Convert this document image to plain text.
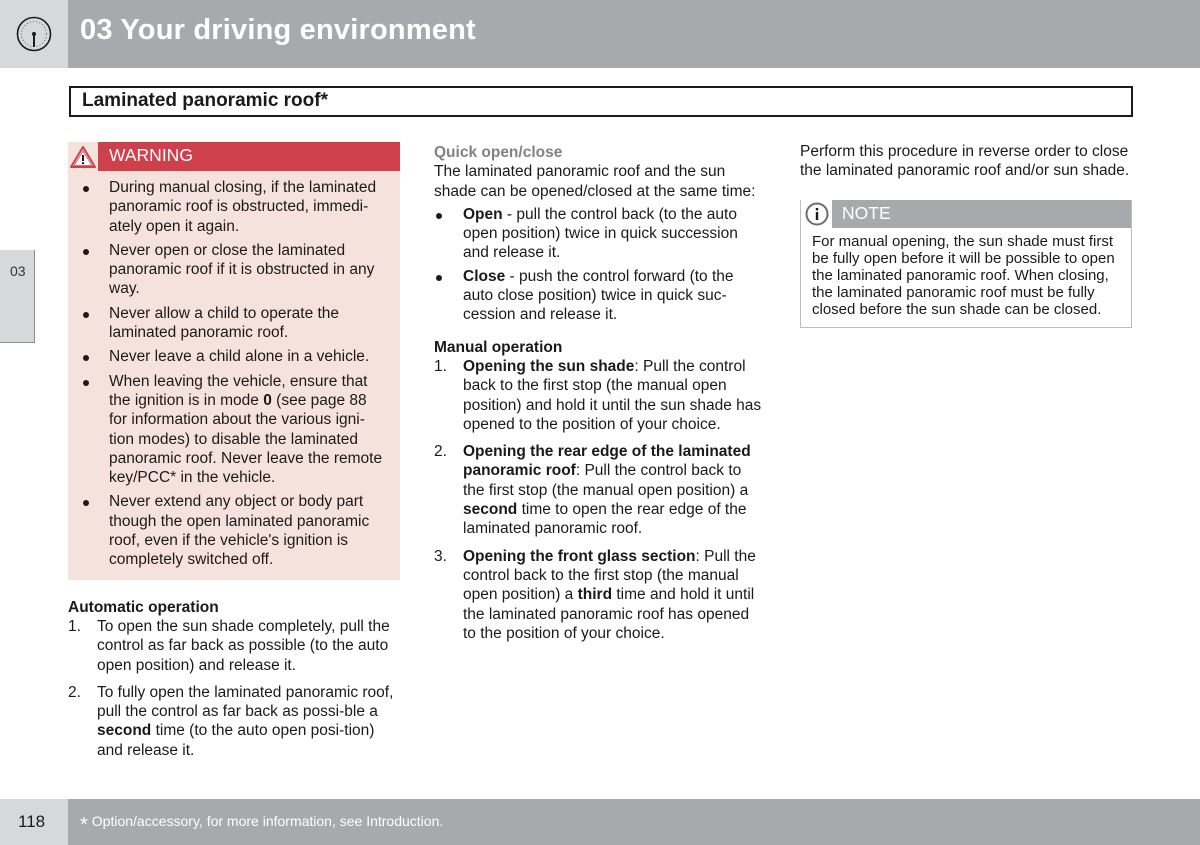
03 Your driving environment
Laminated panoramic roof*
03
WARNING
During manual closing, if the laminated panoramic roof is obstructed, immedi-ately open it again.
Never open or close the laminated panoramic roof if it is obstructed in any way.
Never allow a child to operate the laminated panoramic roof.
Never leave a child alone in a vehicle.
When leaving the vehicle, ensure that the ignition is in mode 0 (see page 88 for information about the various igni-tion modes) to disable the laminated panoramic roof. Never leave the remote key/PCC* in the vehicle.
Never extend any object or body part though the open laminated panoramic roof, even if the vehicle's ignition is completely switched off.
Automatic operation
1. To open the sun shade completely, pull the control as far back as possible (to the auto open position) and release it.
2. To fully open the laminated panoramic roof, pull the control as far back as possi-ble a second time (to the auto open posi-tion) and release it.
Quick open/close
The laminated panoramic roof and the sun shade can be opened/closed at the same time:
Open - pull the control back (to the auto open position) twice in quick succession and release it.
Close - push the control forward (to the auto close position) twice in quick suc-cession and release it.
Manual operation
1. Opening the sun shade: Pull the control back to the first stop (the manual open position) and hold it until the sun shade has opened to the position of your choice.
2. Opening the rear edge of the laminated panoramic roof: Pull the control back to the first stop (the manual open position) a second time to open the rear edge of the laminated panoramic roof.
3. Opening the front glass section: Pull the control back to the first stop (the manual open position) a third time and hold it until the laminated panoramic roof has opened to the position of your choice.
Perform this procedure in reverse order to close the laminated panoramic roof and/or sun shade.
NOTE
For manual opening, the sun shade must first be fully open before it will be possible to open the laminated panoramic roof. When closing, the laminated panoramic roof must be fully closed before the sun shade can be closed.
118 * Option/accessory, for more information, see Introduction.
